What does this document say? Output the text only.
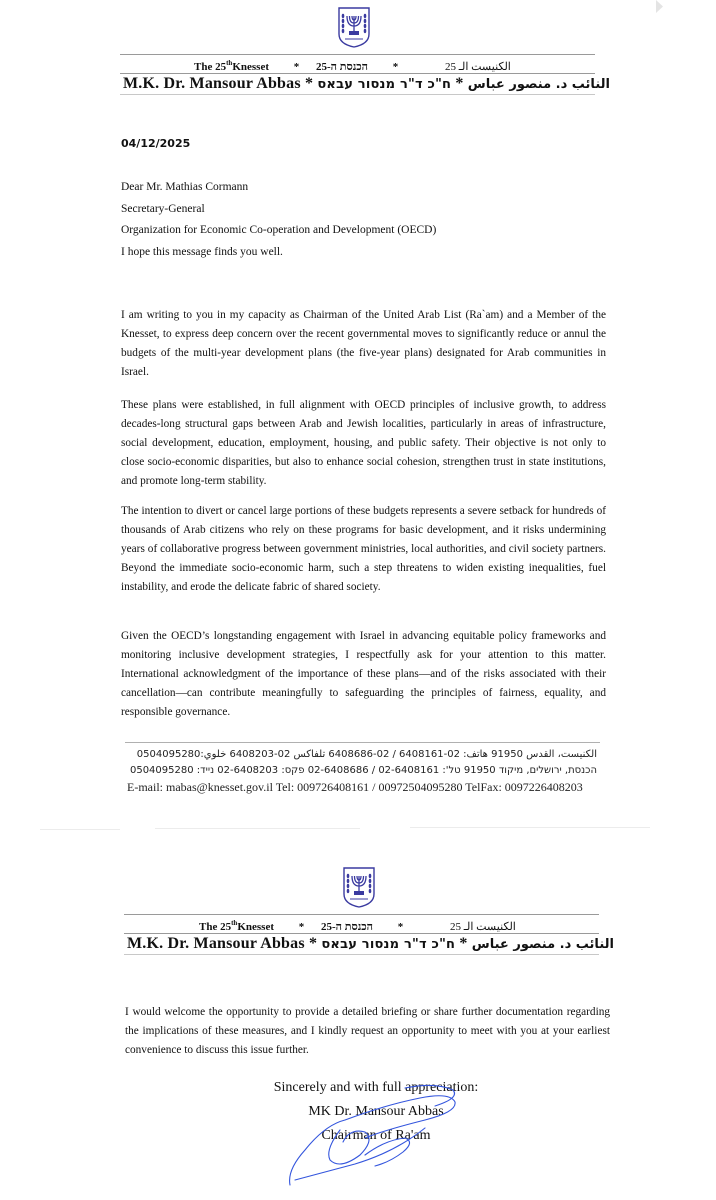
The 25thKnesset * הכנסת ה-25 *	الكنيست الـ 25
M.K. Dr. Mansour Abbas * ח"כ ד"ר מנסור עבאס * النائب د. منصور عباس
04/12/2025
Dear Mr. Mathias Cormann
Secretary-General
Organization for Economic Co-operation and Development (OECD)
I hope this message finds you well.
I am writing to you in my capacity as Chairman of the United Arab List (Ra`am) and a Member of the Knesset, to express deep concern over the recent governmental moves to significantly reduce or annul the budgets of the multi-year development plans (the five-year plans) designated for Arab communities in Israel.
These plans were established, in full alignment with OECD principles of inclusive growth, to address decades-long structural gaps between Arab and Jewish localities, particularly in areas of infrastructure, social development, education, employment, housing, and public safety. Their objective is not only to close socio-economic disparities, but also to enhance social cohesion, strengthen trust in state institutions, and promote long-term stability.
The intention to divert or cancel large portions of these budgets represents a severe setback for hundreds of thousands of Arab citizens who rely on these programs for basic development, and it risks undermining years of collaborative progress between government ministries, local authorities, and civil society partners. Beyond the immediate socio-economic harm, such a step threatens to widen existing inequalities, fuel instability, and erode the delicate fabric of shared society.
Given the OECD’s longstanding engagement with Israel in advancing equitable policy frameworks and monitoring inclusive development strategies, I respectfully ask for your attention to this matter. International acknowledgment of the importance of these plans—and of the risks associated with their cancellation—can contribute meaningfully to safeguarding the principles of fairness, equality, and responsible governance.
الكنيست، القدس 91950 هاتف: 02-6408161 / 02-6408686 تلفاكس 02-6408203 خلوي:0504095280
הכנסת, ירושלים, מיקוד 91950 טל': 02-6408161 / 02-6408686 פקס: 02-6408203 נייד: 0504095280
E-mail: mabas@knesset.gov.il Tel: 009726408161 / 00972504095280 TelFax: 0097226408203
The 25thKnesset * הכנסת ה-25 *	الكنيست الـ 25
M.K. Dr. Mansour Abbas * ח"כ ד"ר מנסור עבאס * النائب د. منصور عباس
I would welcome the opportunity to provide a detailed briefing or share further documentation regarding the implications of these measures, and I kindly request an opportunity to meet with you at your earliest convenience to discuss this issue further.
Sincerely and with full appreciation:
MK Dr. Mansour Abbas
Chairman of Ra'am
